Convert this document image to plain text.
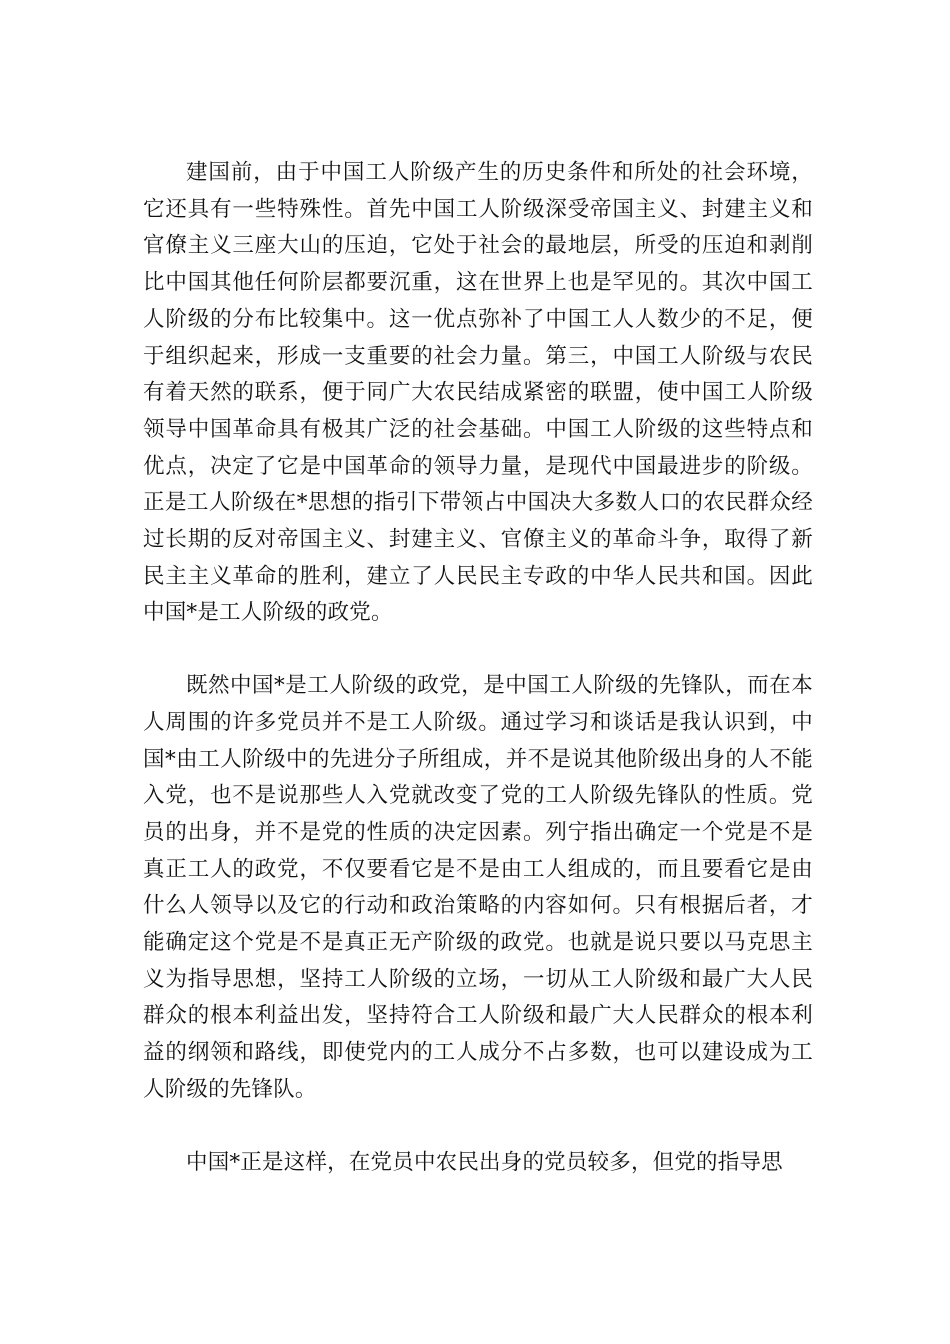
建国前，由于中国工人阶级产生的历史条件和所处的社会环境，它还具有一些特殊性。首先中国工人阶级深受帝国主义、封建主义和官僚主义三座大山的压迫，它处于社会的最地层，所受的压迫和剥削比中国其他任何阶层都要沉重，这在世界上也是罕见的。其次中国工人阶级的分布比较集中。这一优点弥补了中国工人人数少的不足，便于组织起来，形成一支重要的社会力量。第三，中国工人阶级与农民有着天然的联系，便于同广大农民结成紧密的联盟，使中国工人阶级领导中国革命具有极其广泛的社会基础。中国工人阶级的这些特点和优点，决定了它是中国革命的领导力量，是现代中国最进步的阶级。正是工人阶级在*思想的指引下带领占中国决大多数人口的农民群众经过长期的反对帝国主义、封建主义、官僚主义的革命斗争，取得了新民主主义革命的胜利，建立了人民民主专政的中华人民共和国。因此中国*是工人阶级的政党。

既然中国*是工人阶级的政党，是中国工人阶级的先锋队，而在本人周围的许多党员并不是工人阶级。通过学习和谈话是我认识到，中国*由工人阶级中的先进分子所组成，并不是说其他阶级出身的人不能入党，也不是说那些人入党就改变了党的工人阶级先锋队的性质。党员的出身，并不是党的性质的决定因素。列宁指出确定一个党是不是真正工人的政党，不仅要看它是不是由工人组成的，而且要看它是由什么人领导以及它的行动和政治策略的内容如何。只有根据后者，才能确定这个党是不是真正无产阶级的政党。也就是说只要以马克思主义为指导思想，坚持工人阶级的立场，一切从工人阶级和最广大人民群众的根本利益出发，坚持符合工人阶级和最广大人民群众的根本利益的纲领和路线，即使党内的工人成分不占多数，也可以建设成为工人阶级的先锋队。

中国*正是这样，在党员中农民出身的党员较多，但党的指导思
